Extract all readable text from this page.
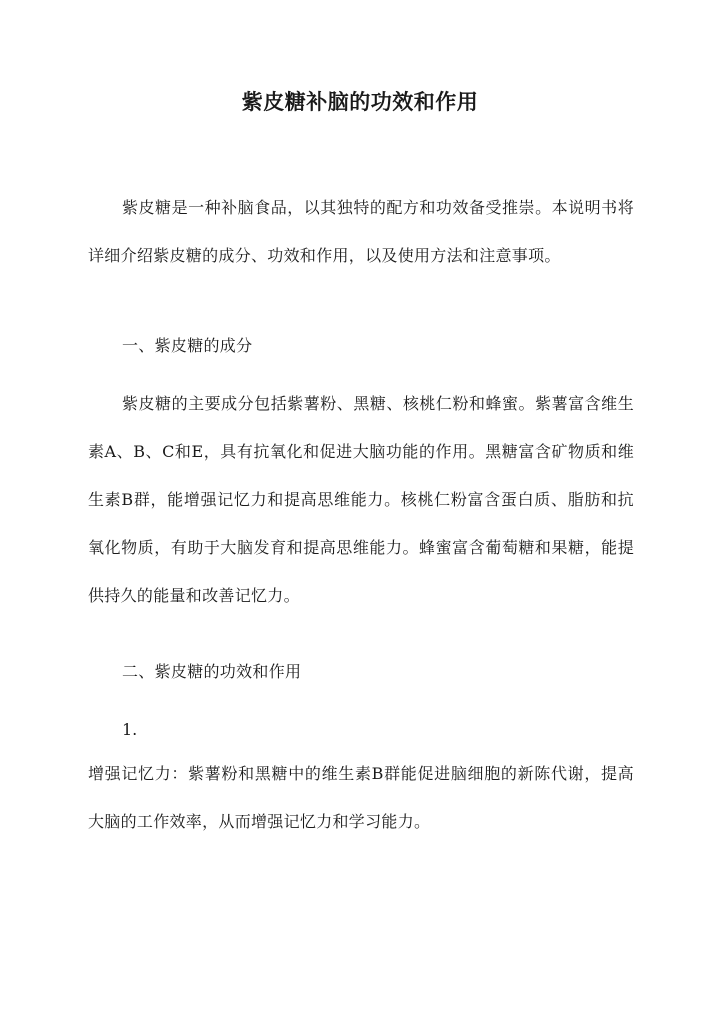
紫皮糖补脑的功效和作用

紫皮糖是一种补脑食品，以其独特的配方和功效备受推崇。本说明书将详细介绍紫皮糖的成分、功效和作用，以及使用方法和注意事项。

一、紫皮糖的成分

紫皮糖的主要成分包括紫薯粉、黑糖、核桃仁粉和蜂蜜。紫薯富含维生素A、B、C和E，具有抗氧化和促进大脑功能的作用。黑糖富含矿物质和维生素B群，能增强记忆力和提高思维能力。核桃仁粉富含蛋白质、脂肪和抗氧化物质，有助于大脑发育和提高思维能力。蜂蜜富含葡萄糖和果糖，能提供持久的能量和改善记忆力。

二、紫皮糖的功效和作用

1.

增强记忆力：紫薯粉和黑糖中的维生素B群能促进脑细胞的新陈代谢，提高大脑的工作效率，从而增强记忆力和学习能力。
